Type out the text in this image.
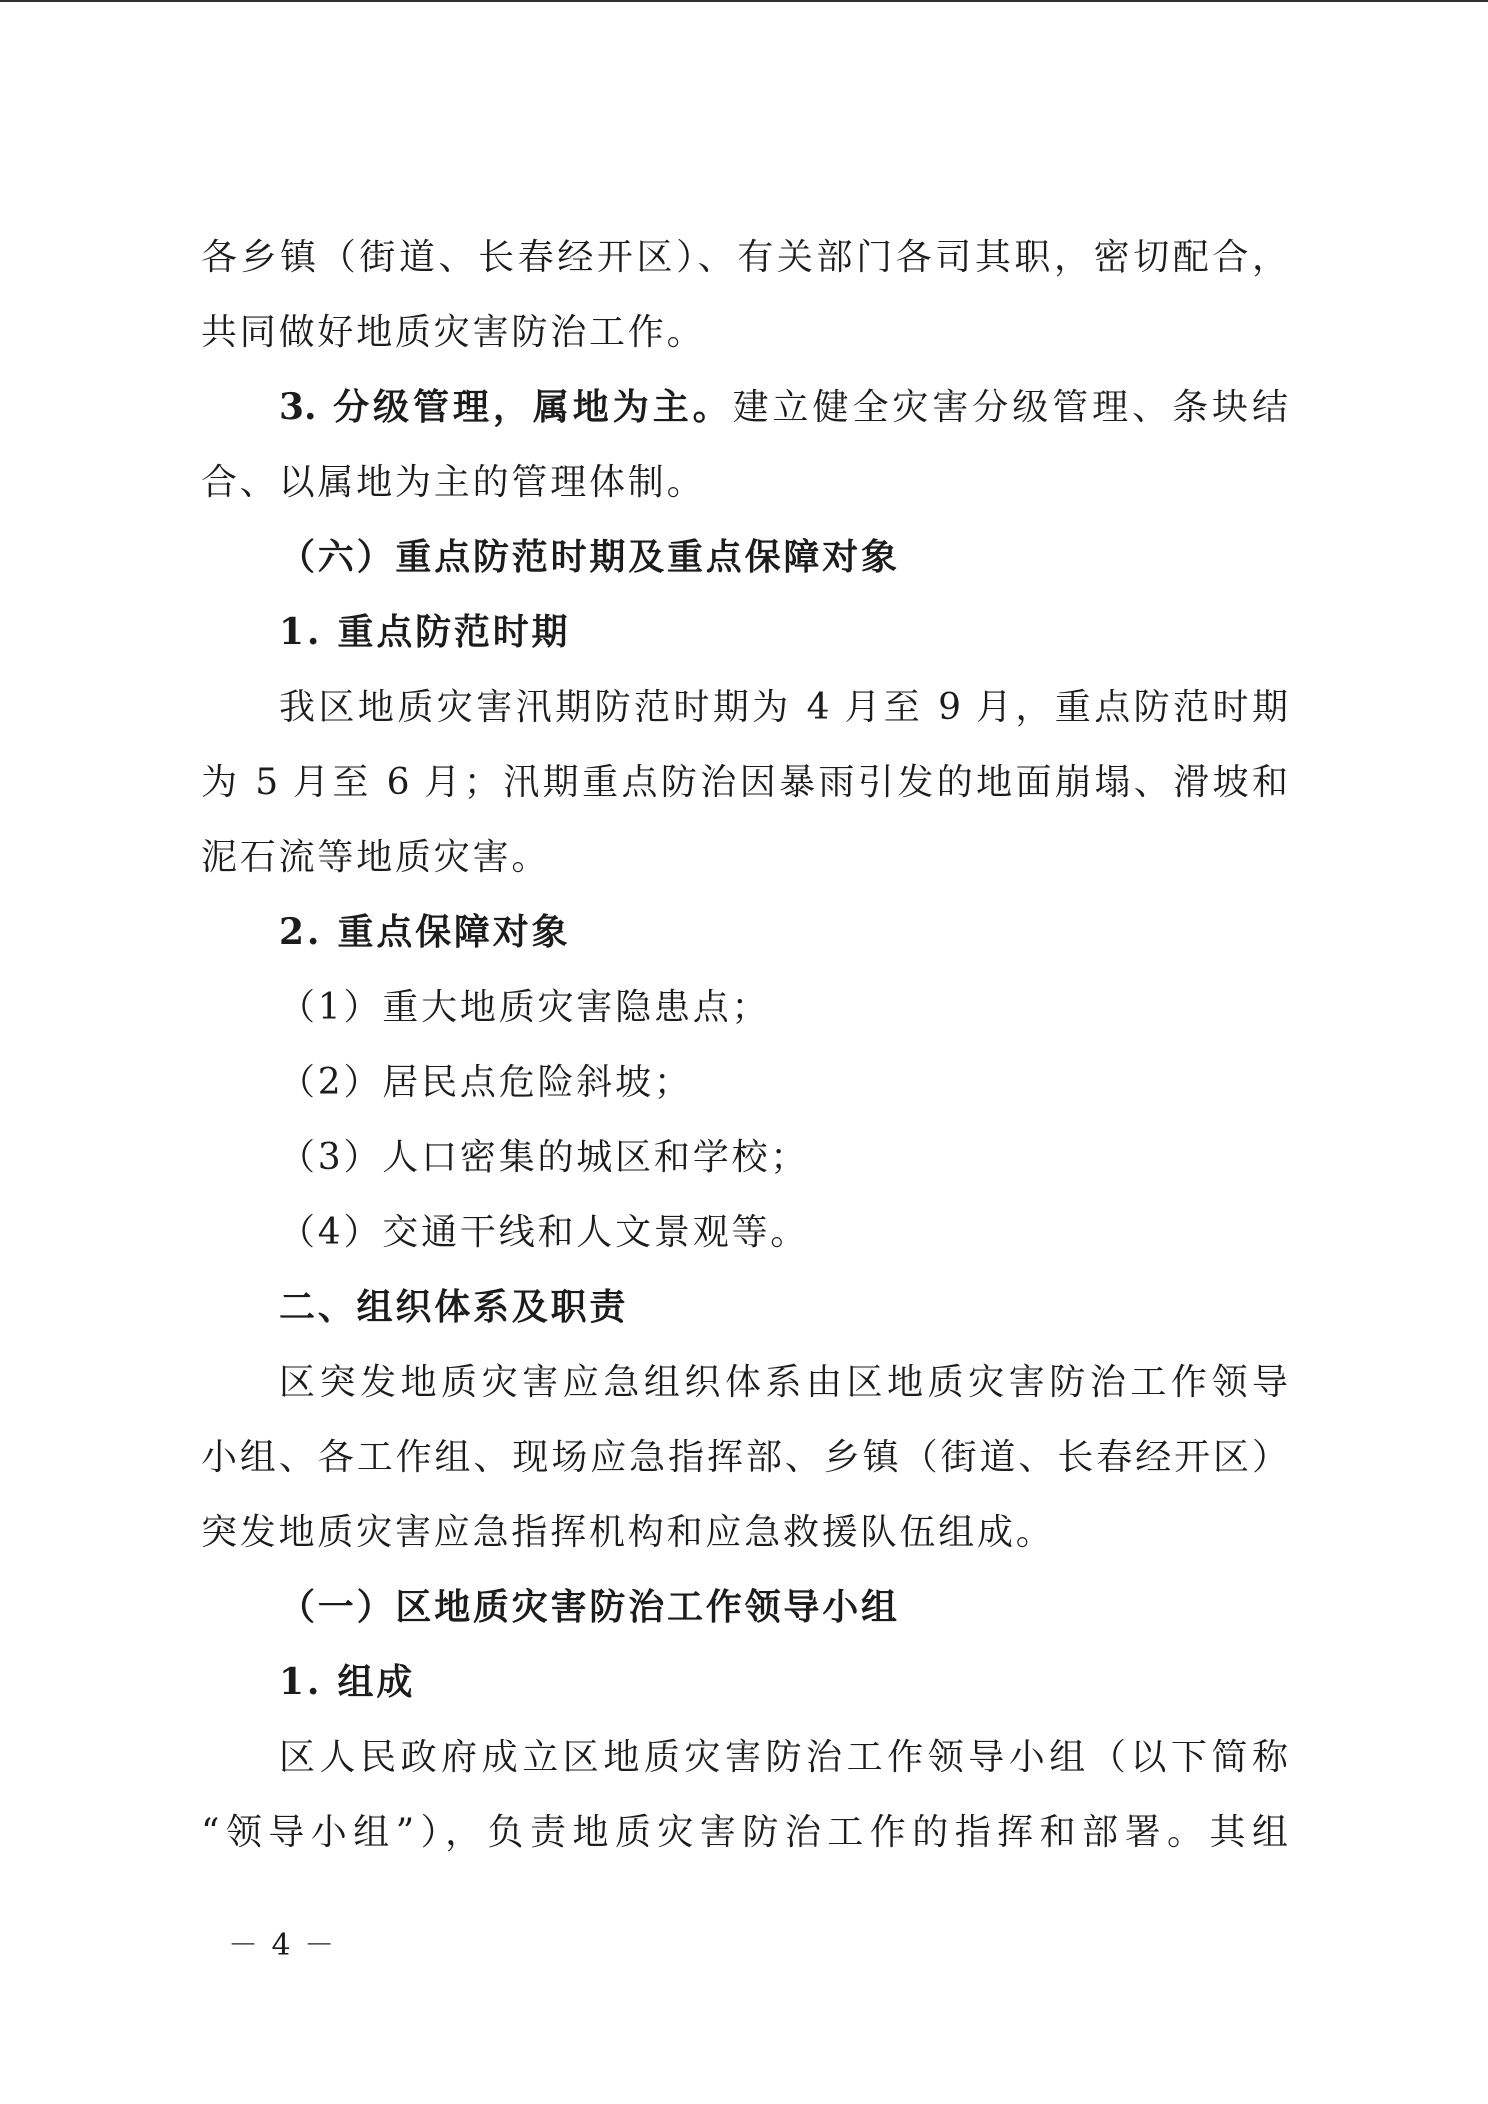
各乡镇（街道、长春经开区）、有关部门各司其职，密切配合，
共同做好地质灾害防治工作。
3. 分级管理，属地为主。建立健全灾害分级管理、条块结
合、以属地为主的管理体制。
（六）重点防范时期及重点保障对象
1. 重点防范时期
我区地质灾害汛期防范时期为 4 月至 9 月，重点防范时期
为 5 月至 6 月；汛期重点防治因暴雨引发的地面崩塌、滑坡和
泥石流等地质灾害。
2. 重点保障对象
（1）重大地质灾害隐患点；
（2）居民点危险斜坡；
（3）人口密集的城区和学校；
（4）交通干线和人文景观等。
二、组织体系及职责
区突发地质灾害应急组织体系由区地质灾害防治工作领导
小组、各工作组、现场应急指挥部、乡镇（街道、长春经开区）
突发地质灾害应急指挥机构和应急救援队伍组成。
（一）区地质灾害防治工作领导小组
1. 组成
区人民政府成立区地质灾害防治工作领导小组（以下简称
“领导小组”），负责地质灾害防治工作的指挥和部署。其组
－ 4 －
